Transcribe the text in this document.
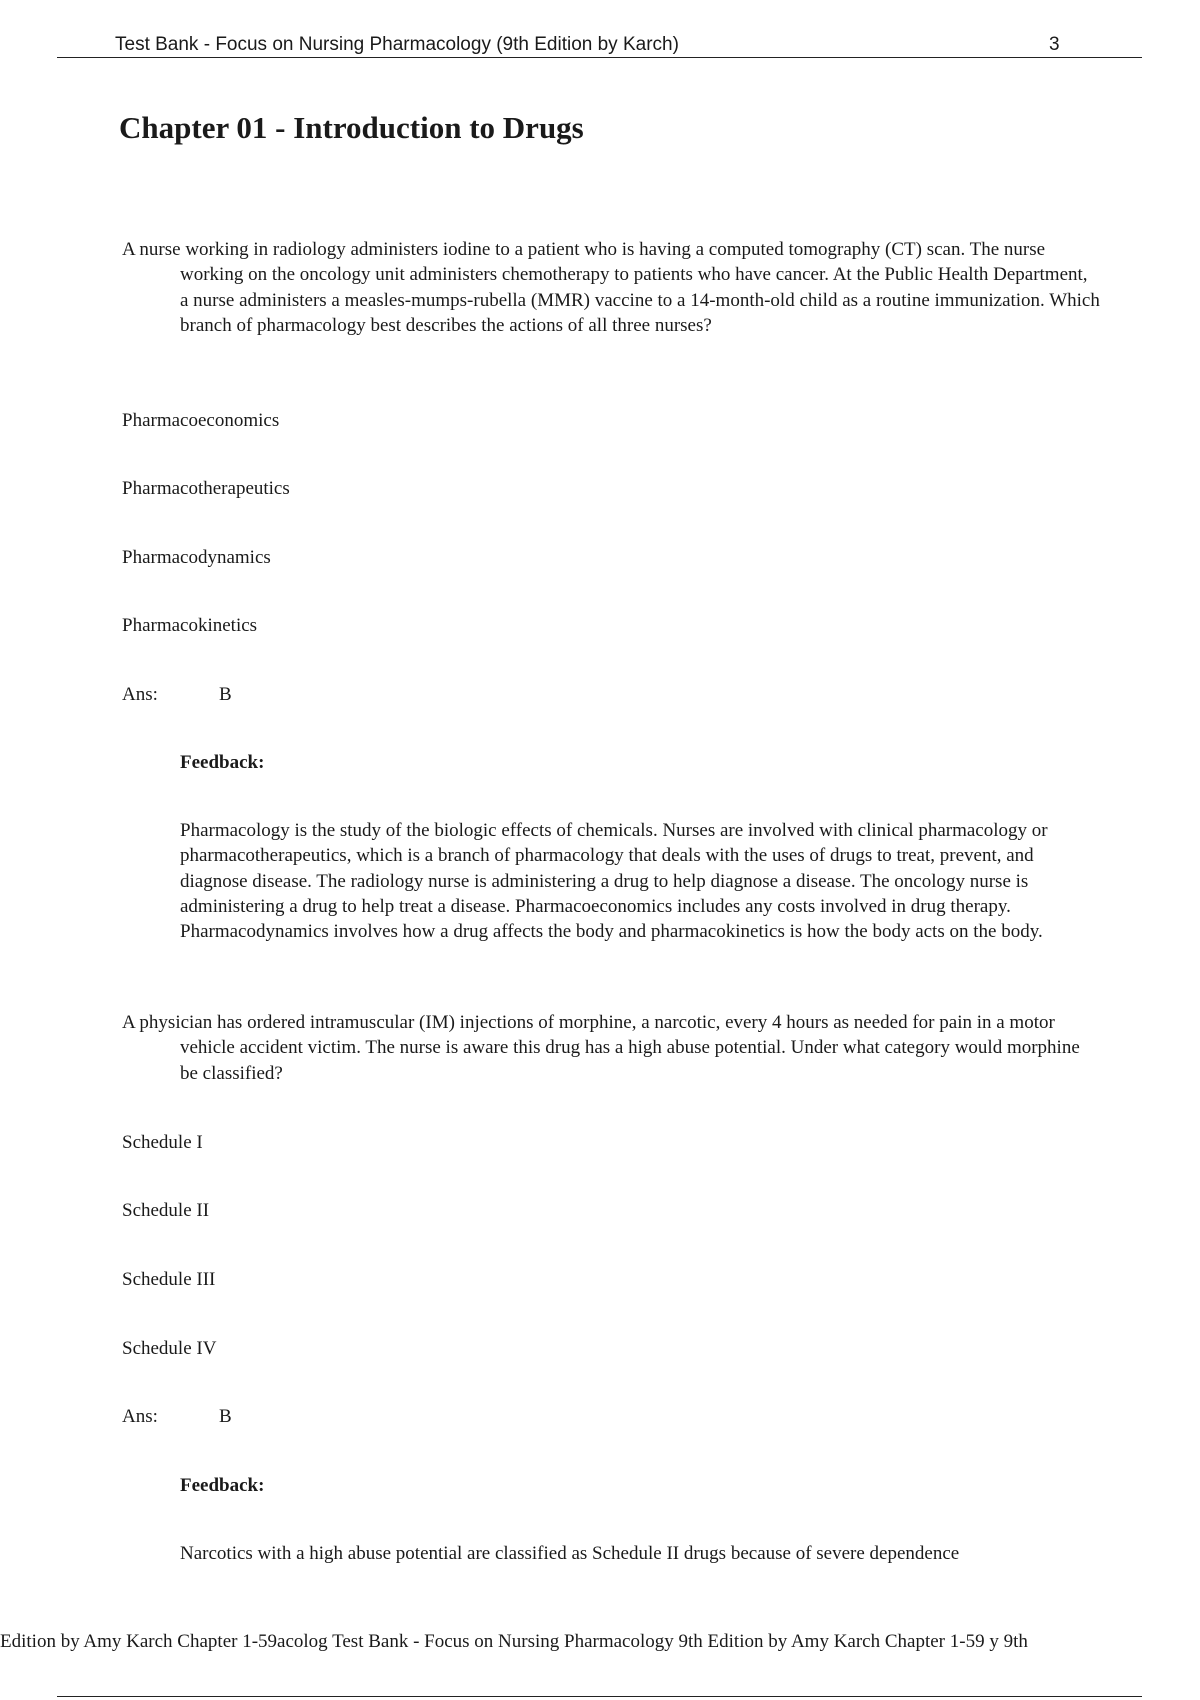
Test Bank - Focus on Nursing Pharmacology (9th Edition by Karch)	3
Chapter 01 - Introduction to Drugs

A nurse working in radiology administers iodine to a patient who is having a computed tomography (CT) scan. The nurse working on the oncology unit administers chemotherapy to patients who have cancer. At the Public Health Department, a nurse administers a measles-mumps-rubella (MMR) vaccine to a 14-month-old child as a routine immunization. Which branch of pharmacology best describes the actions of all three nurses?

Pharmacoeconomics
Pharmacotherapeutics
Pharmacodynamics
Pharmacokinetics
Ans:	B
Feedback:

Pharmacology is the study of the biologic effects of chemicals. Nurses are involved with clinical pharmacology or pharmacotherapeutics, which is a branch of pharmacology that deals with the uses of drugs to treat, prevent, and diagnose disease. The radiology nurse is administering a drug to help diagnose a disease. The oncology nurse is administering a drug to help treat a disease. Pharmacoeconomics includes any costs involved in drug therapy. Pharmacodynamics involves how a drug affects the body and pharmacokinetics is how the body acts on the body.

A physician has ordered intramuscular (IM) injections of morphine, a narcotic, every 4 hours as needed for pain in a motor vehicle accident victim. The nurse is aware this drug has a high abuse potential. Under what category would morphine be classified?

Schedule I
Schedule II
Schedule III
Schedule IV
Ans:	B
Feedback:

Narcotics with a high abuse potential are classified as Schedule II drugs because of severe dependence

Edition by Amy Karch Chapter 1-59acolog Test Bank - Focus on Nursing Pharmacology 9th Edition by Amy Karch Chapter 1-59 y 9th
